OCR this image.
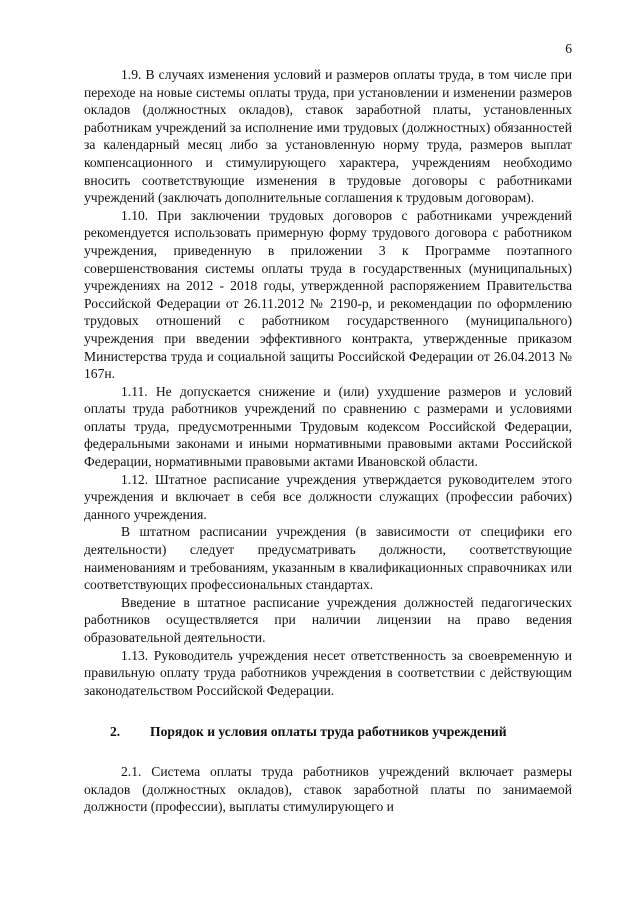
6

1.9. В случаях изменения условий и размеров оплаты труда, в том числе при переходе на новые системы оплаты труда, при установлении и изменении размеров окладов (должностных окладов), ставок заработной платы, установленных работникам учреждений за исполнение ими трудовых (должностных) обязанностей за календарный месяц либо за установленную норму труда, размеров выплат компенсационного и стимулирующего характера, учреждениям необходимо вносить соответствующие изменения в трудовые договоры с работниками учреждений (заключать дополнительные соглашения к трудовым договорам).

1.10. При заключении трудовых договоров с работниками учреждений рекомендуется использовать примерную форму трудового договора с работником учреждения, приведенную в приложении 3 к Программе поэтапного совершенствования системы оплаты труда в государственных (муниципальных) учреждениях на 2012 - 2018 годы, утвержденной распоряжением Правительства Российской Федерации от 26.11.2012 № 2190-р, и рекомендации по оформлению трудовых отношений с работником государственного (муниципального) учреждения при введении эффективного контракта, утвержденные приказом Министерства труда и социальной защиты Российской Федерации от 26.04.2013 № 167н.

1.11. Не допускается снижение и (или) ухудшение размеров и условий оплаты труда работников учреждений по сравнению с размерами и условиями оплаты труда, предусмотренными Трудовым кодексом Российской Федерации, федеральными законами и иными нормативными правовыми актами Российской Федерации, нормативными правовыми актами Ивановской области.

1.12. Штатное расписание учреждения утверждается руководителем этого учреждения и включает в себя все должности служащих (профессии рабочих) данного учреждения.

В штатном расписании учреждения (в зависимости от специфики его деятельности) следует предусматривать должности, соответствующие наименованиям и требованиям, указанным в квалификационных справочниках или соответствующих профессиональных стандартах.

Введение в штатное расписание учреждения должностей педагогических работников осуществляется при наличии лицензии на право ведения образовательной деятельности.

1.13. Руководитель учреждения несет ответственность за своевременную и правильную оплату труда работников учреждения в соответствии с действующим законодательством Российской Федерации.

2. Порядок и условия оплаты труда работников учреждений

2.1. Система оплаты труда работников учреждений включает размеры окладов (должностных окладов), ставок заработной платы по занимаемой должности (профессии), выплаты стимулирующего и
